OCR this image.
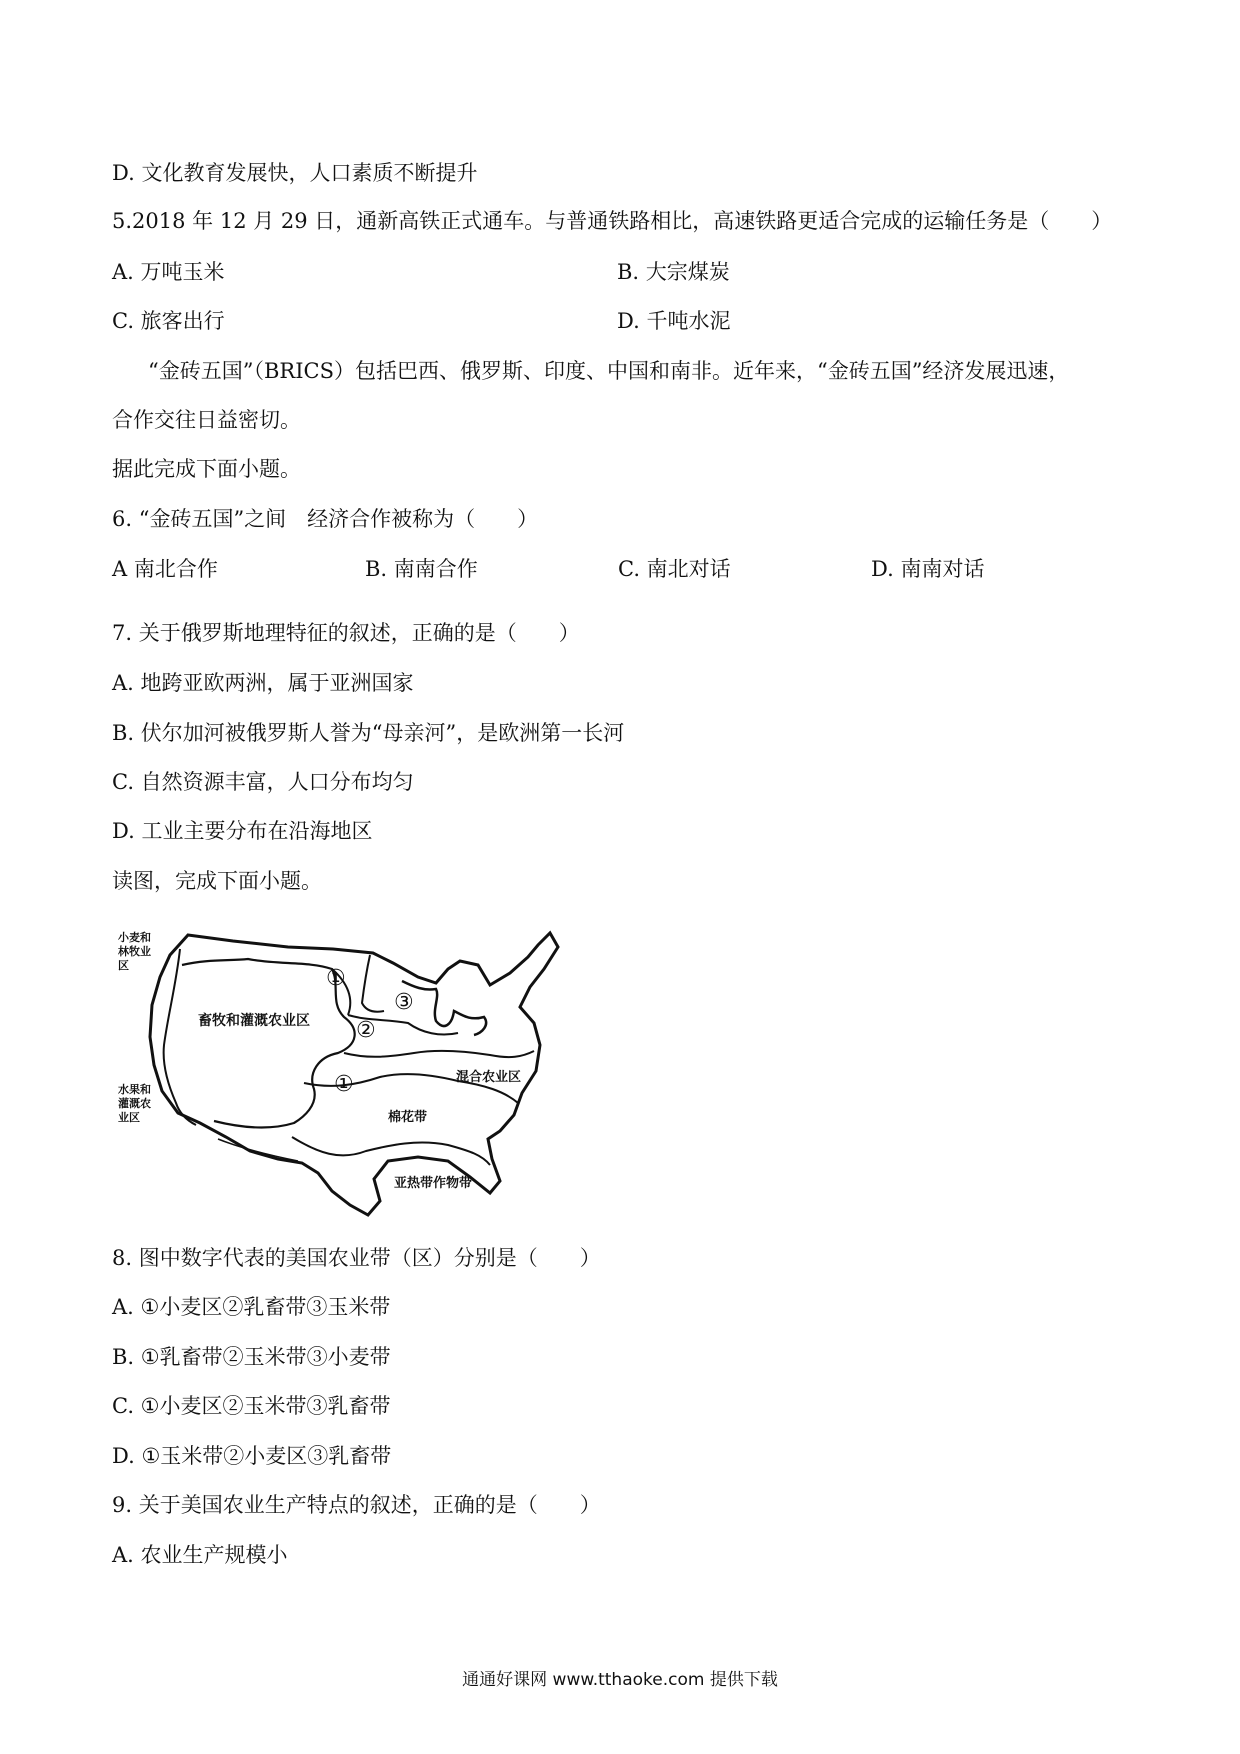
D. 文化教育发展快，人口素质不断提升
5.2018 年 12 月 29 日，通新高铁正式通车。与普通铁路相比，高速铁路更适合完成的运输任务是（　　）
A. 万吨玉米	B. 大宗煤炭
C. 旅客出行	D. 千吨水泥
“金砖五国”（BRICS）包括巴西、俄罗斯、印度、中国和南非。近年来，“金砖五国”经济发展迅速，
合作交往日益密切。
据此完成下面小题。
6. “金砖五国”之间　经济合作被称为（　　）
A 南北合作	B. 南南合作	C. 南北对话	D. 南南对话
7. 关于俄罗斯地理特征的叙述，正确的是（　　）
A. 地跨亚欧两洲，属于亚洲国家
B. 伏尔加河被俄罗斯人誉为“母亲河”，是欧洲第一长河
C. 自然资源丰富，人口分布均匀
D. 工业主要分布在沿海地区
读图，完成下面小题。
小麦和
林牧业
区
水果和
灌溉农
业区
畜牧和灌溉农业区
混合农业区
棉花带
亚热带作物带
①
③
②
①
8. 图中数字代表的美国农业带（区）分别是（　　）
A. ①小麦区②乳畜带③玉米带
B. ①乳畜带②玉米带③小麦带
C. ①小麦区②玉米带③乳畜带
D. ①玉米带②小麦区③乳畜带
9. 关于美国农业生产特点的叙述，正确的是（　　）
A. 农业生产规模小
通通好课网 www.tthaoke.com 提供下载
